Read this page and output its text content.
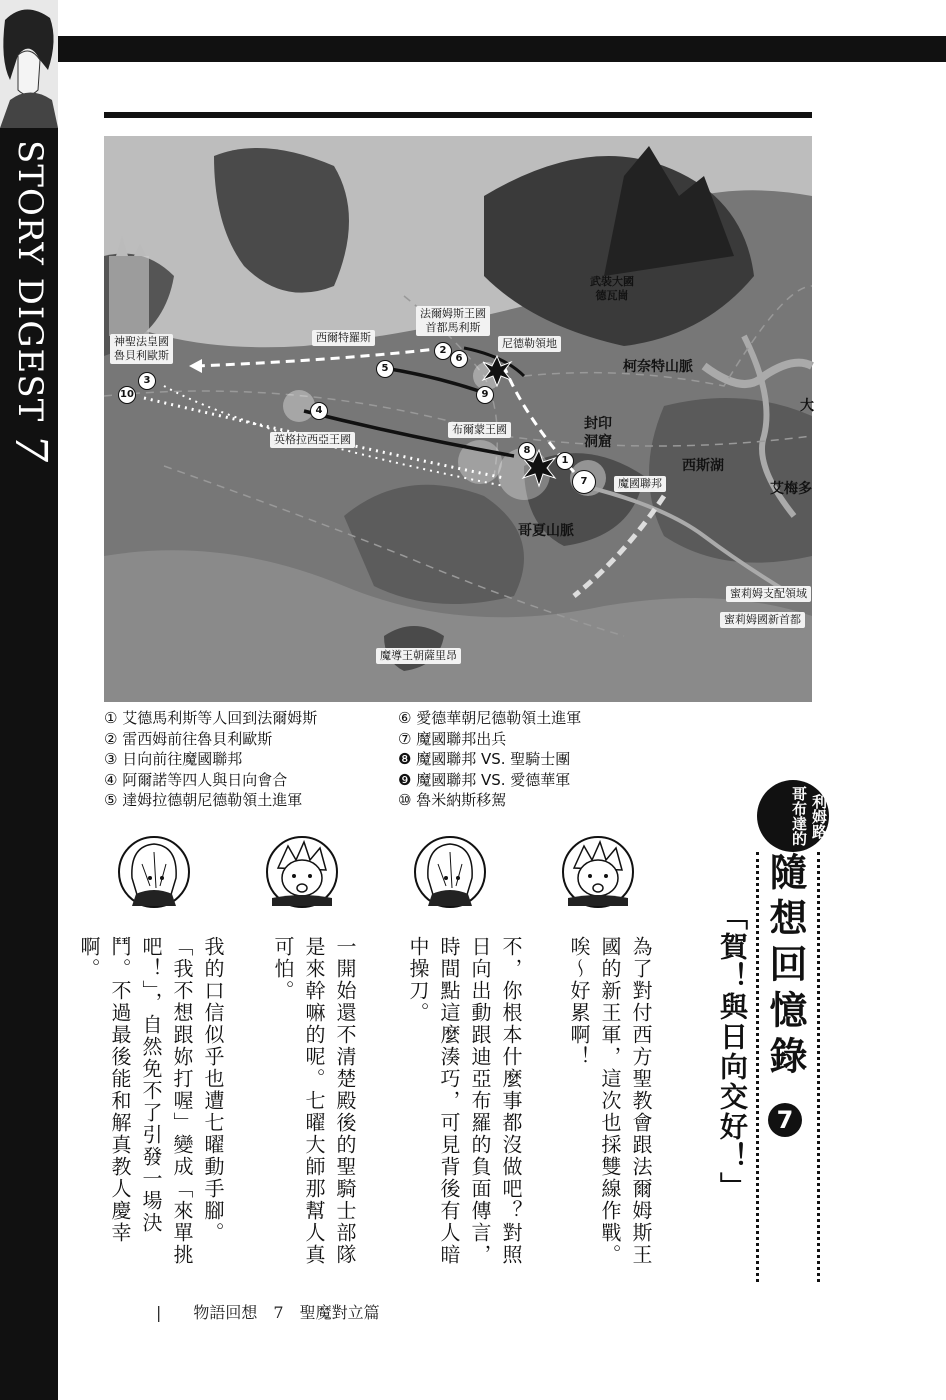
STORY DIGEST 7
神聖法皇國
魯貝利歐斯
西爾特羅斯
法爾姆斯王國
首都馬利斯
尼德勒領地
武裝大國
德瓦崗
柯奈特山脈
英格拉西亞王國
布爾蒙王國	封印
洞窟
西斯湖
魔國聯邦	艾梅多
哥夏山脈
蜜莉姆支配領域
蜜莉姆國新首都
魔導王朝薩里昂
大
1
2
3
4
5
6
7
8
9
10
① 艾德馬利斯等人回到法爾姆斯
② 雷西姆前往魯貝利歐斯
③ 日向前往魔國聯邦
④ 阿爾諾等四人與日向會合
⑤ 達姆拉德朝尼德勒領土進軍
⑥ 愛德華朝尼德勒領土進軍
⑦ 魔國聯邦出兵
❽ 魔國聯邦 VS. 聖騎士團
❾ 魔國聯邦 VS. 愛德華軍
⑩ 魯米納斯移駕	利姆路 哥布達的
隨想回憶錄 7
「賀！與日向交好！」
為了對付西方聖教會跟法爾姆斯王國的新王軍，這次也採雙線作戰。唉～好累啊！
不，你根本什麼事都沒做吧？對照日向出動跟迪亞布羅的負面傳言，時間點這麼湊巧，可見背後有人暗中操刀。
一開始還不清楚殿後的聖騎士部隊是來幹嘛的呢。七曜大師那幫人真可怕。
我的口信似乎也遭七曜動手腳。「我不想跟妳打喔」變成「來單挑吧！」，自然免不了引發一場決鬥。不過最後能和解真教人慶幸啊。
|　　物語回想　7　聖魔對立篇
